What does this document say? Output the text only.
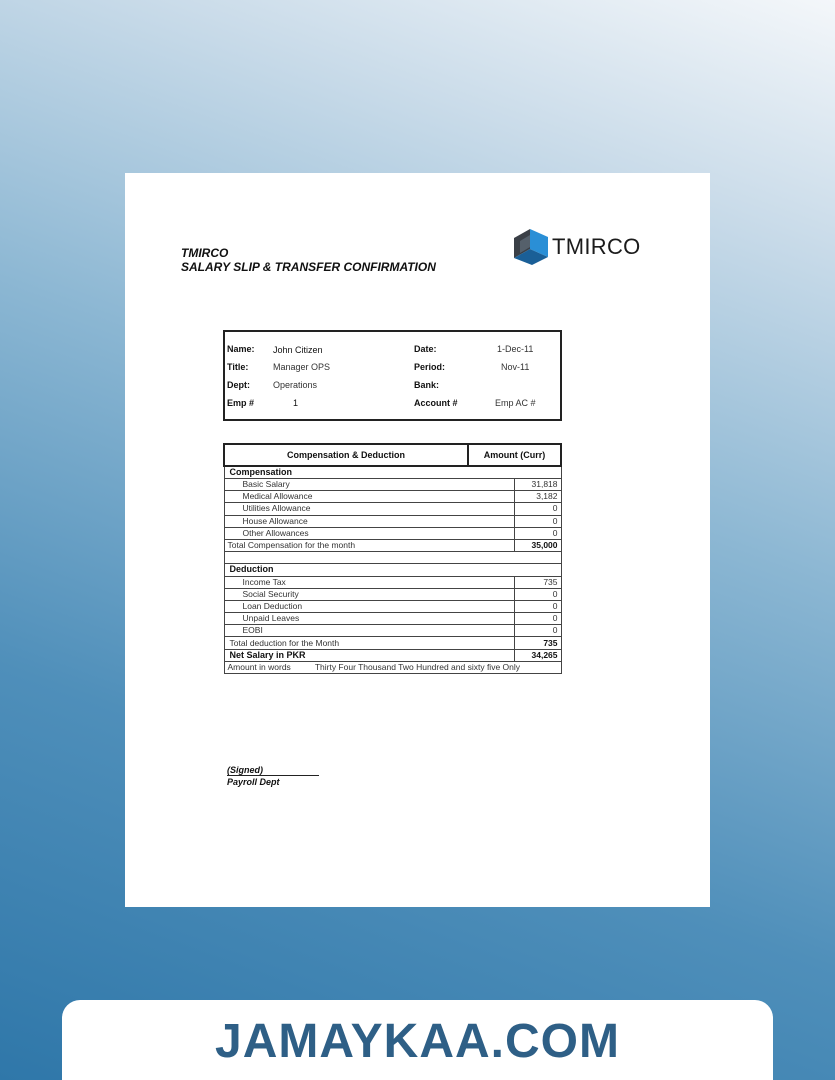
TMIRCO
SALARY SLIP & TRANSFER CONFIRMATION
TMIRCO
Name: John Citizen
Title:	Manager OPS
Dept:	Operations
Emp #	1
Date:	1-Dec-11
Period:	Nov-11
Bank:
Account #	Emp AC #
Compensation & Deduction	Amount (Curr)	
Compensation		
Basic Salary		31,818
Medical Allowance		3,182
Utilities Allowance		0
House Allowance		0
Other Allowances		0
Total Compensation for the month		35,000

Deduction		
Income Tax		735
Social Security		0
Loan Deduction		0
Unpaid Leaves		0
EOBI		0
Total deduction for the Month		735
Net Salary in PKR		34,265
Amount in words Thirty Four Thousand Two Hundred and sixty five Only		
(Signed)
Payroll Dept
JAMAYKAA.COM
